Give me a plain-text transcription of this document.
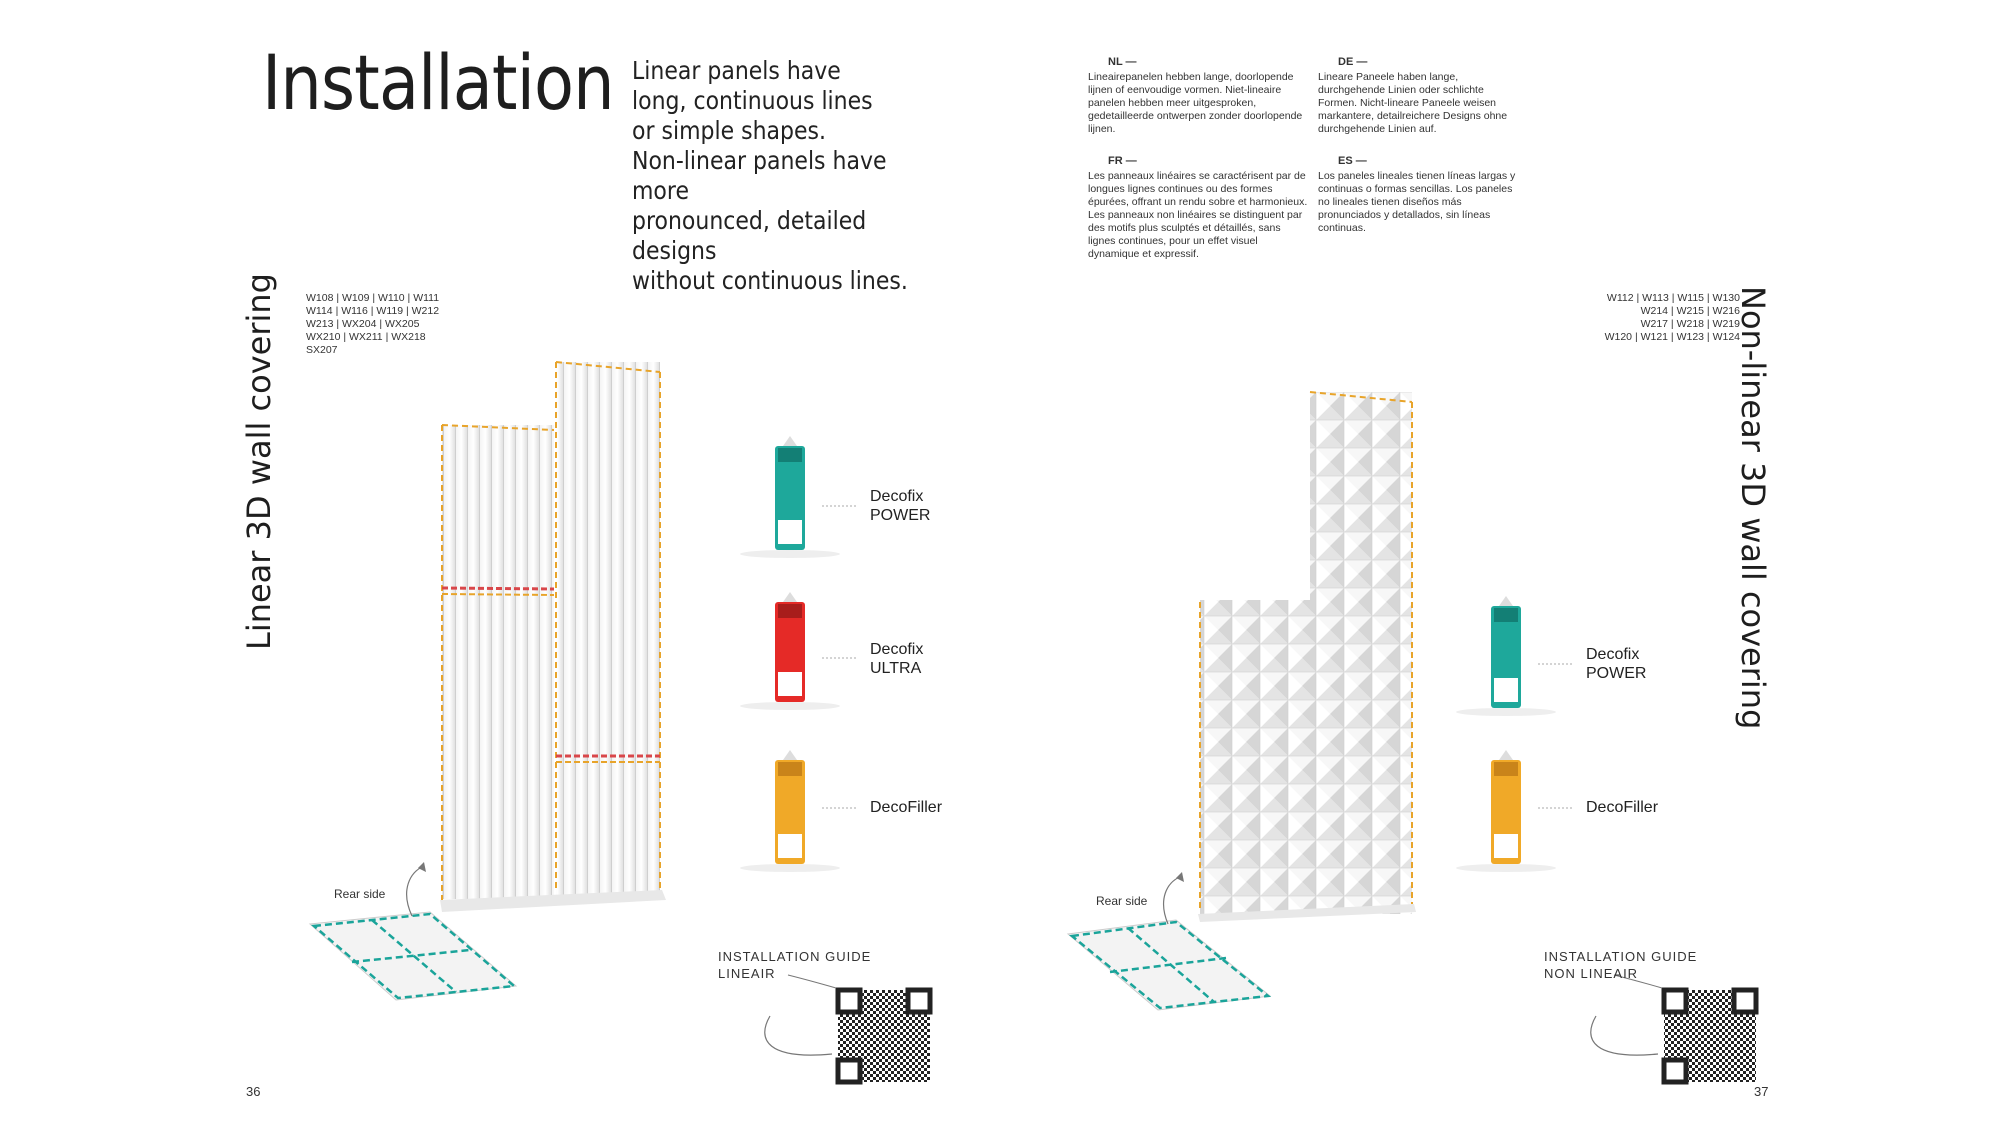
Installation Linear panels have

long, continuous lines

or simple shapes.

Non-linear panels have more

pronounced, detailed designs

without continuous lines.

NL —
Lineairepanelen hebben lange, doorlopende lijnen of eenvoudige vormen. Niet-lineaire panelen hebben meer uitgesproken, gedetailleerde ontwerpen zonder doorlopende lijnen.
DE —
Lineare Paneele haben lange, durchgehende Linien oder schlichte Formen. Nicht-lineare Paneele weisen markantere, detailreichere Designs ohne durchgehende Linien auf.
FR —
Les panneaux linéaires se caractérisent par de longues lignes continues ou des formes épurées, offrant un rendu sobre et harmonieux. Les panneaux non linéaires se distinguent par des motifs plus sculptés et détaillés, sans lignes continues, pour un effet visuel dynamique et expressif.
ES —
Los paneles lineales tienen líneas largas y continuas o formas sencillas. Los paneles no lineales tienen diseños más pronunciados y detallados, sin líneas continuas.
Linear 3D wall covering	Non-linear 3D wall covering
W108 | W109 | W110 | W111
W114 | W116 | W119 | W212
W213 | WX204 | WX205
WX210 | WX211 | WX218
SX207
W112 | W113 | W115 | W130
W214 | W215 | W216
W217 | W218 | W219
W120 | W121 | W123 | W124
Decofix
POWER
Decofix
ULTRA
DecoFiller
Decofix
POWER
DecoFiller
Rear side	Rear side
INSTALLATION GUIDE
LINEAIR
INSTALLATION GUIDE
NON LINEAIR
36	37
